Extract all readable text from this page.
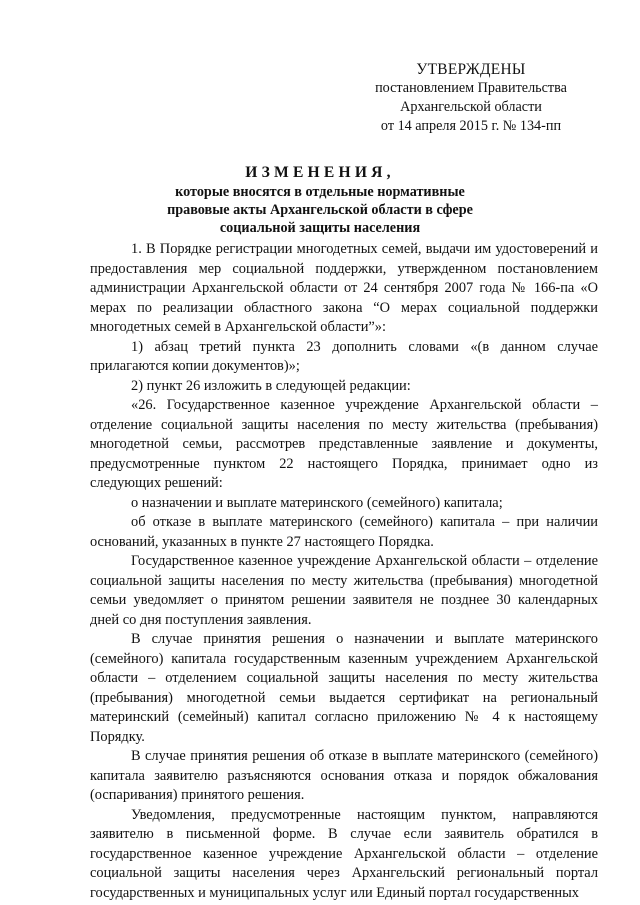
УТВЕРЖДЕНЫ
постановлением Правительства
Архангельской области
от 14 апреля 2015 г. № 134-пп
ИЗМЕНЕНИЯ,
которые вносятся в отдельные нормативные
правовые акты Архангельской области в сфере
социальной защиты населения

1. В Порядке регистрации многодетных семей, выдачи им удостоверений и предоставления мер социальной поддержки, утвержденном постановлением администрации Архангельской области от 24 сентября 2007 года № 166-па «О мерах по реализации областного закона “О мерах социальной поддержки многодетных семей в Архангельской области”»:

1) абзац третий пункта 23 дополнить словами «(в данном случае прилагаются копии документов)»;

2) пункт 26 изложить в следующей редакции:

«26. Государственное казенное учреждение Архангельской области – отделение социальной защиты населения по месту жительства (пребывания) многодетной семьи, рассмотрев представленные заявление и документы, предусмотренные пунктом 22 настоящего Порядка, принимает одно из следующих решений:

о назначении и выплате материнского (семейного) капитала;

об отказе в выплате материнского (семейного) капитала – при наличии оснований, указанных в пункте 27 настоящего Порядка.

Государственное казенное учреждение Архангельской области – отделение социальной защиты населения по месту жительства (пребывания) многодетной семьи уведомляет о принятом решении заявителя не позднее 30 календарных дней со дня поступления заявления.

В случае принятия решения о назначении и выплате материнского (семейного) капитала государственным казенным учреждением Архангельской области – отделением социальной защиты населения по месту жительства (пребывания) многодетной семьи выдается сертификат на региональный материнский (семейный) капитал согласно приложению № 4 к настоящему Порядку.

В случае принятия решения об отказе в выплате материнского (семейного) капитала заявителю разъясняются основания отказа и порядок обжалования (оспаривания) принятого решения.

Уведомления, предусмотренные настоящим пунктом, направляются заявителю в письменной форме. В случае если заявитель обратился в государственное казенное учреждение Архангельской области – отделение социальной защиты населения через Архангельский региональный портал государственных и муниципальных услуг или Единый портал государственных
